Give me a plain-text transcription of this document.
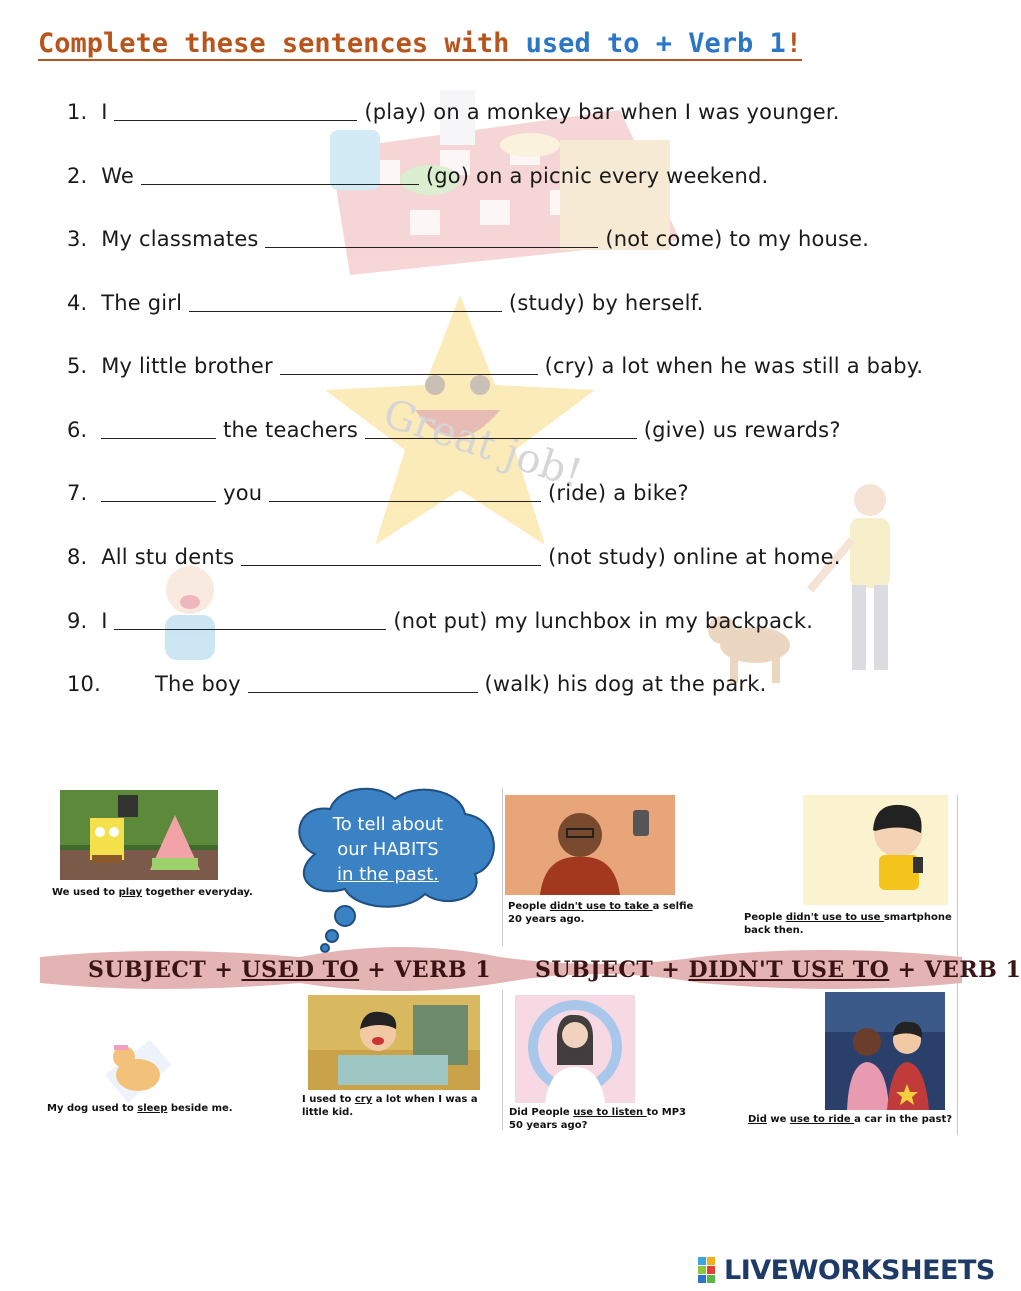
Complete these sentences with used to + Verb 1!
Great job!
1. I	(play) on a monkey bar when I was younger.
2. We	(go) on a picnic every weekend.
3. My classmates	(not come) to my house.
4. The girl	(study) by herself.
5. My little brother	(cry) a lot when he was still a baby.
6.	the teachers	(give) us rewards?
7.	you	(ride) a bike?
8. All stu dents	(not study) online at home.
9. I	(not put) my lunchbox in my backpack.
10.	The boy	(walk) his dog at the park.
We used to play together everyday.
To tell about
our HABITS
in the past.
People didn't use to take a selfie
20 years ago.	People didn't use to use smartphone
back then.
SUBJECT + USED TO + VERB 1 SUBJECT + DIDN'T USE TO + VERB 1
My dog used to sleep beside me.
I used to cry a lot when I was a
little kid.	Did People use to listen to MP3
50 years ago?
Did we use to ride a car in the past?
LIVEWORKSHEETS
